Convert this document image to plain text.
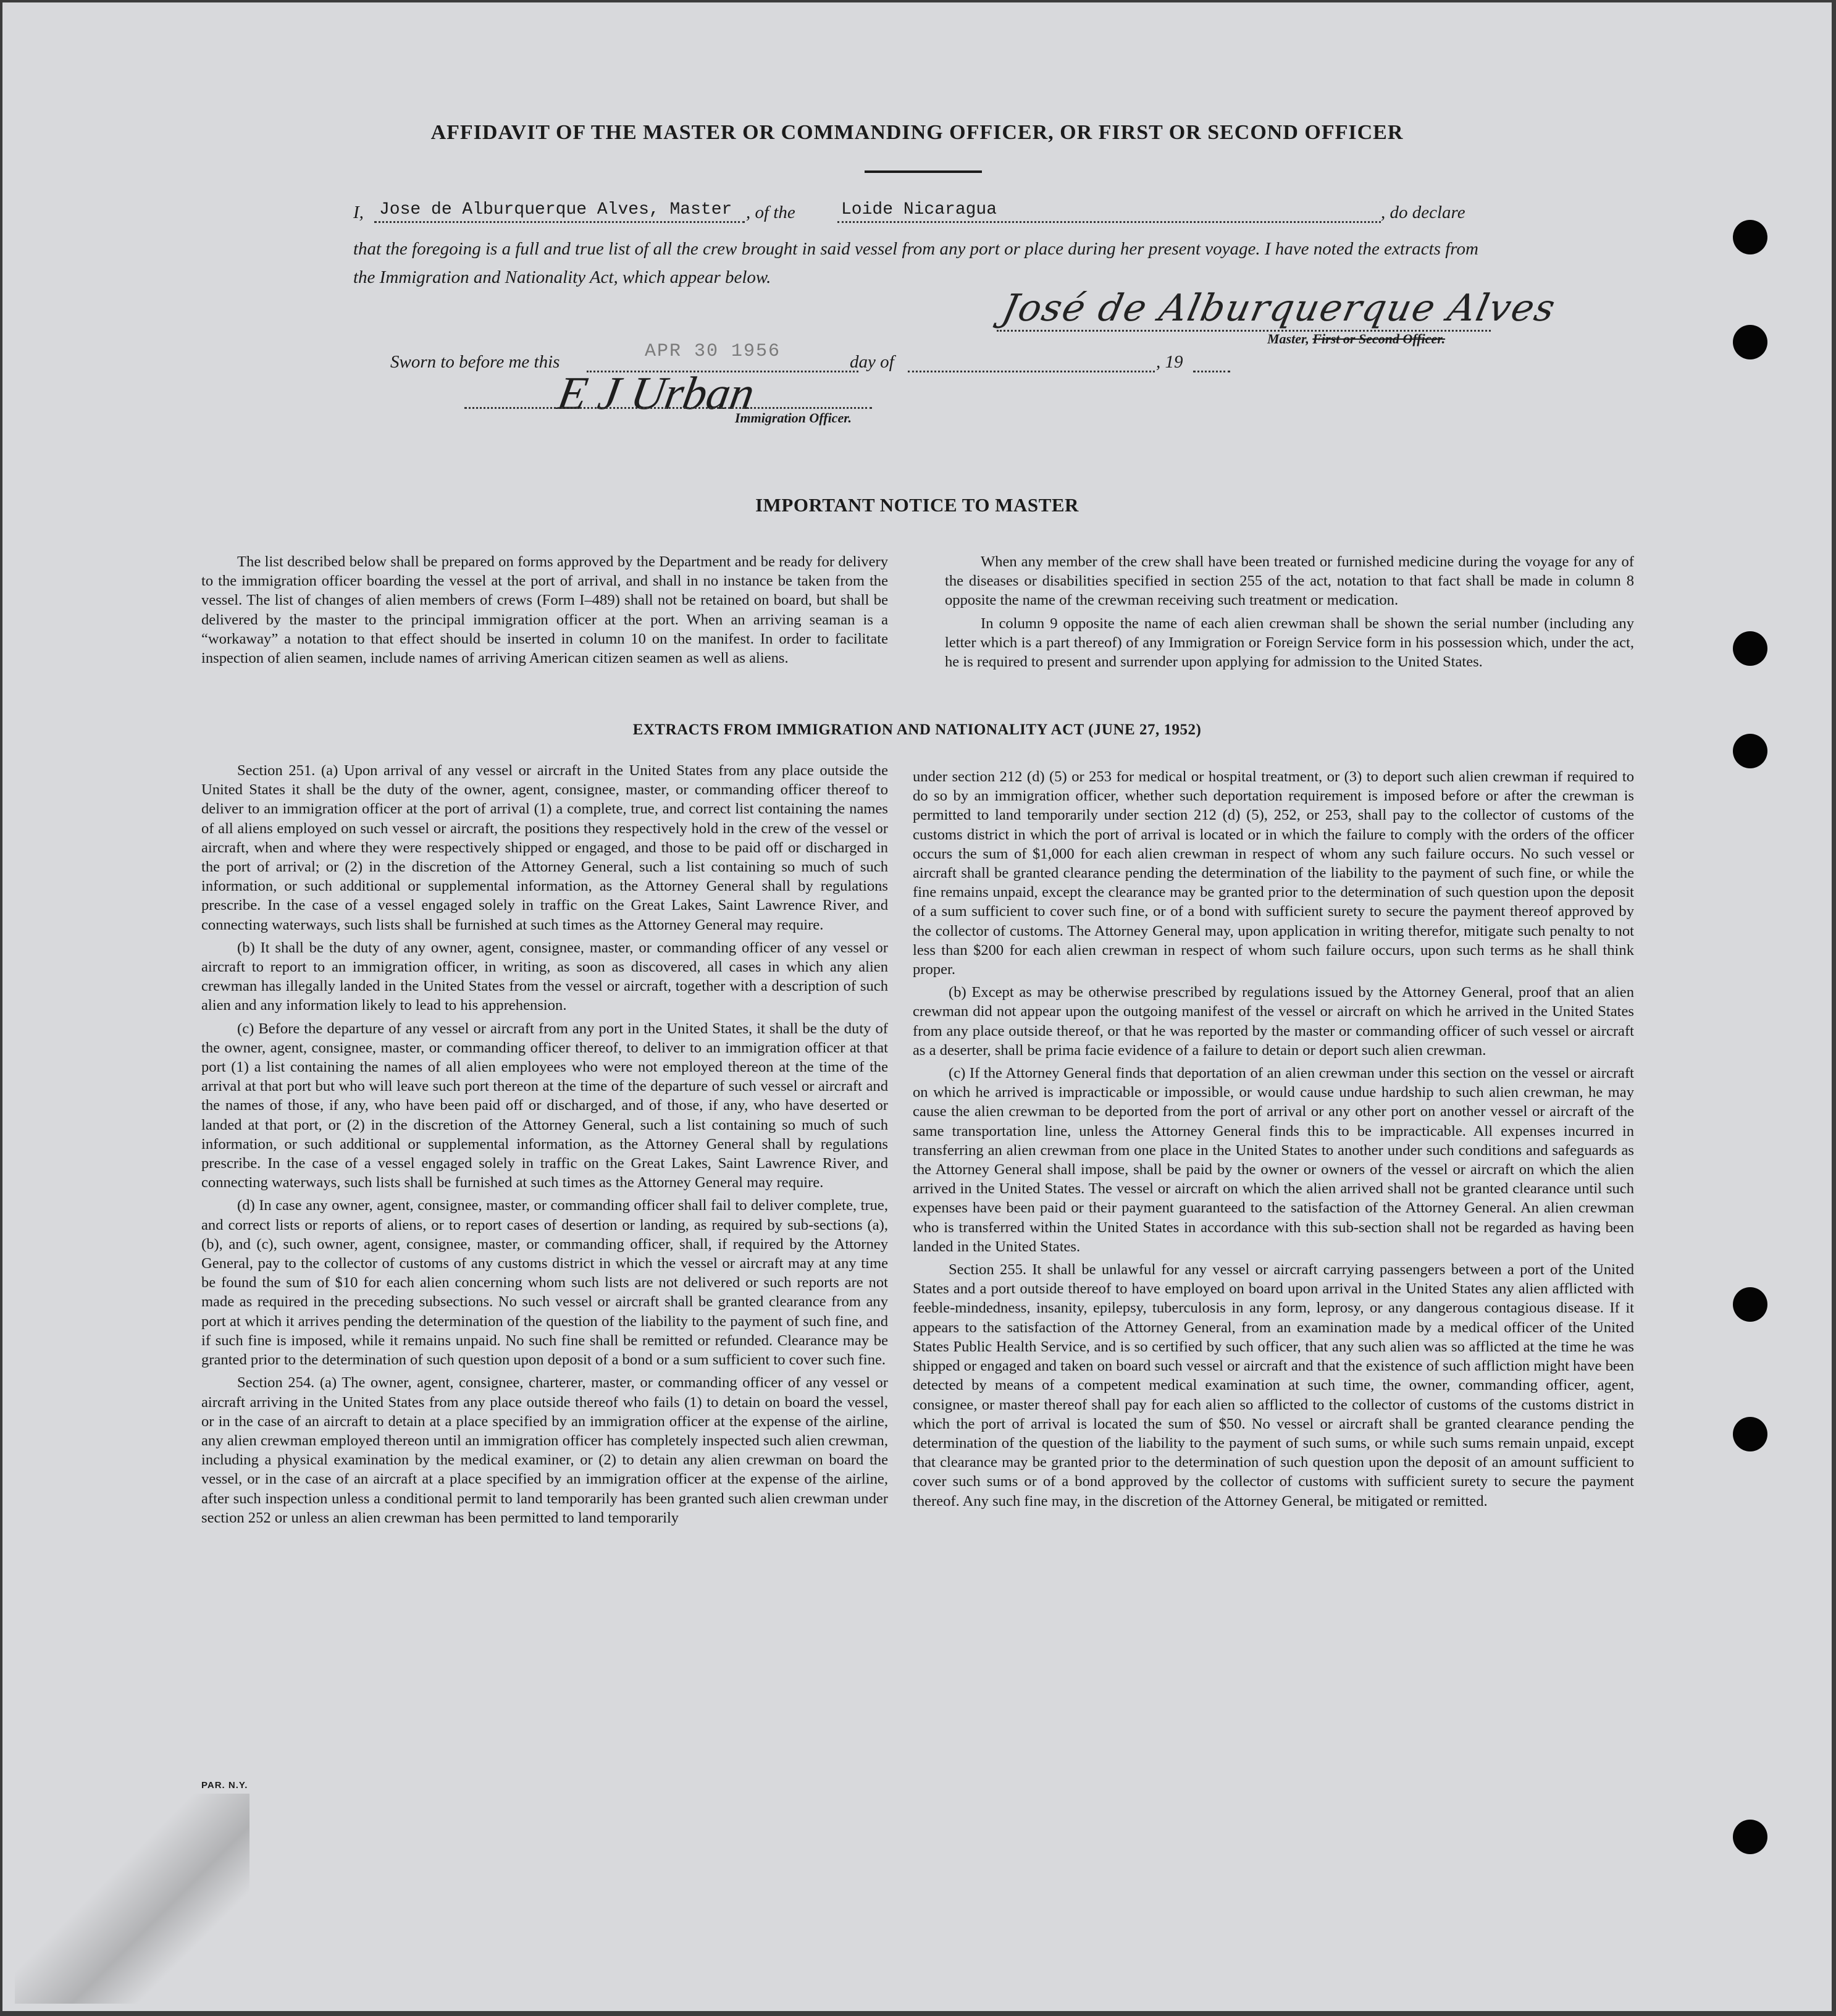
AFFIDAVIT OF THE MASTER OR COMMANDING OFFICER, OR FIRST OR SECOND OFFICER
I, Jose de Alburquerque Alves, Master , of the	Loide Nicaragua	, do declare
that the foregoing is a full and true list of all the crew brought in said vessel from any port or place during her present voyage. I have noted the extracts from the Immigration and Nationality Act, which appear below.
José de Alburquerque Alves
Master, First or Second Officer.
Sworn to before me this	day of	, 19
APR 30 1956
E J Urban
Immigration Officer.
IMPORTANT NOTICE TO MASTER

The list described below shall be prepared on forms approved by the Department and be ready for delivery to the immigration officer boarding the vessel at the port of arrival, and shall in no instance be taken from the vessel. The list of changes of alien members of crews (Form I–489) shall not be retained on board, but shall be delivered by the master to the principal immigration officer at the port. When an arriving seaman is a “workaway” a notation to that effect should be inserted in column 10 on the manifest. In order to facilitate inspection of alien seamen, include names of arriving American citizen seamen as well as aliens.

When any member of the crew shall have been treated or furnished medicine during the voyage for any of the diseases or disabilities specified in section 255 of the act, notation to that fact shall be made in column 8 opposite the name of the crewman receiving such treatment or medication.

In column 9 opposite the name of each alien crewman shall be shown the serial number (including any letter which is a part thereof) of any Immigration or Foreign Service form in his possession which, under the act, he is required to present and surrender upon applying for admission to the United States.

EXTRACTS FROM IMMIGRATION AND NATIONALITY ACT (JUNE 27, 1952)

Section 251. (a) Upon arrival of any vessel or aircraft in the United States from any place outside the United States it shall be the duty of the owner, agent, consignee, master, or commanding officer thereof to deliver to an immigration officer at the port of arrival (1) a complete, true, and correct list containing the names of all aliens employed on such vessel or aircraft, the positions they respectively hold in the crew of the vessel or aircraft, when and where they were respectively shipped or engaged, and those to be paid off or discharged in the port of arrival; or (2) in the discretion of the Attorney General, such a list containing so much of such information, or such additional or supplemental information, as the Attorney General shall by regulations prescribe. In the case of a vessel engaged solely in traffic on the Great Lakes, Saint Lawrence River, and connecting waterways, such lists shall be furnished at such times as the Attorney General may require.

(b) It shall be the duty of any owner, agent, consignee, master, or commanding officer of any vessel or aircraft to report to an immigration officer, in writing, as soon as discovered, all cases in which any alien crewman has illegally landed in the United States from the vessel or aircraft, together with a description of such alien and any information likely to lead to his apprehension.

(c) Before the departure of any vessel or aircraft from any port in the United States, it shall be the duty of the owner, agent, consignee, master, or commanding officer thereof, to deliver to an immigration officer at that port (1) a list containing the names of all alien employees who were not employed thereon at the time of the arrival at that port but who will leave such port thereon at the time of the departure of such vessel or aircraft and the names of those, if any, who have been paid off or discharged, and of those, if any, who have deserted or landed at that port, or (2) in the discretion of the Attorney General, such a list containing so much of such information, or such additional or supplemental information, as the Attorney General shall by regulations prescribe. In the case of a vessel engaged solely in traffic on the Great Lakes, Saint Lawrence River, and connecting waterways, such lists shall be furnished at such times as the Attorney General may require.

(d) In case any owner, agent, consignee, master, or commanding officer shall fail to deliver complete, true, and correct lists or reports of aliens, or to report cases of desertion or landing, as required by sub-sections (a), (b), and (c), such owner, agent, consignee, master, or commanding officer, shall, if required by the Attorney General, pay to the collector of customs of any customs district in which the vessel or aircraft may at any time be found the sum of $10 for each alien concerning whom such lists are not delivered or such reports are not made as required in the preceding subsections. No such vessel or aircraft shall be granted clearance from any port at which it arrives pending the determination of the question of the liability to the payment of such fine, and if such fine is imposed, while it remains unpaid. No such fine shall be remitted or refunded. Clearance may be granted prior to the determination of such question upon deposit of a bond or a sum sufficient to cover such fine.

Section 254. (a) The owner, agent, consignee, charterer, master, or commanding officer of any vessel or aircraft arriving in the United States from any place outside thereof who fails (1) to detain on board the vessel, or in the case of an aircraft to detain at a place specified by an immigration officer at the expense of the airline, any alien crewman employed thereon until an immigration officer has completely inspected such alien crewman, including a physical examination by the medical examiner, or (2) to detain any alien crewman on board the vessel, or in the case of an aircraft at a place specified by an immigration officer at the expense of the airline, after such inspection unless a conditional permit to land temporarily has been granted such alien crewman under section 252 or unless an alien crewman has been permitted to land temporarily

under section 212 (d) (5) or 253 for medical or hospital treatment, or (3) to deport such alien crewman if required to do so by an immigration officer, whether such deportation requirement is imposed before or after the crewman is permitted to land temporarily under section 212 (d) (5), 252, or 253, shall pay to the collector of customs of the customs district in which the port of arrival is located or in which the failure to comply with the orders of the officer occurs the sum of $1,000 for each alien crewman in respect of whom any such failure occurs. No such vessel or aircraft shall be granted clearance pending the determination of the liability to the payment of such fine, or while the fine remains unpaid, except the clearance may be granted prior to the determination of such question upon the deposit of a sum sufficient to cover such fine, or of a bond with sufficient surety to secure the payment thereof approved by the collector of customs. The Attorney General may, upon application in writing therefor, mitigate such penalty to not less than $200 for each alien crewman in respect of whom such failure occurs, upon such terms as he shall think proper.

(b) Except as may be otherwise prescribed by regulations issued by the Attorney General, proof that an alien crewman did not appear upon the outgoing manifest of the vessel or aircraft on which he arrived in the United States from any place outside thereof, or that he was reported by the master or commanding officer of such vessel or aircraft as a deserter, shall be prima facie evidence of a failure to detain or deport such alien crewman.

(c) If the Attorney General finds that deportation of an alien crewman under this section on the vessel or aircraft on which he arrived is impracticable or impossible, or would cause undue hardship to such alien crewman, he may cause the alien crewman to be deported from the port of arrival or any other port on another vessel or aircraft of the same transportation line, unless the Attorney General finds this to be impracticable. All expenses incurred in transferring an alien crewman from one place in the United States to another under such conditions and safeguards as the Attorney General shall impose, shall be paid by the owner or owners of the vessel or aircraft on which the alien arrived in the United States. The vessel or aircraft on which the alien arrived shall not be granted clearance until such expenses have been paid or their payment guaranteed to the satisfaction of the Attorney General. An alien crewman who is transferred within the United States in accordance with this sub-section shall not be regarded as having been landed in the United States.

Section 255. It shall be unlawful for any vessel or aircraft carrying passengers between a port of the United States and a port outside thereof to have employed on board upon arrival in the United States any alien afflicted with feeble-mindedness, insanity, epilepsy, tuberculosis in any form, leprosy, or any dangerous contagious disease. If it appears to the satisfaction of the Attorney General, from an examination made by a medical officer of the United States Public Health Service, and is so certified by such officer, that any such alien was so afflicted at the time he was shipped or engaged and taken on board such vessel or aircraft and that the existence of such affliction might have been detected by means of a competent medical examination at such time, the owner, commanding officer, agent, consignee, or master thereof shall pay for each alien so afflicted to the collector of customs of the customs district in which the port of arrival is located the sum of $50. No vessel or aircraft shall be granted clearance pending the determination of the question of the liability to the payment of such sums, or while such sums remain unpaid, except that clearance may be granted prior to the determination of such question upon the deposit of an amount sufficient to cover such sums or of a bond approved by the collector of customs with sufficient surety to secure the payment thereof. Any such fine may, in the discretion of the Attorney General, be mitigated or remitted.

PAR. N.Y.
